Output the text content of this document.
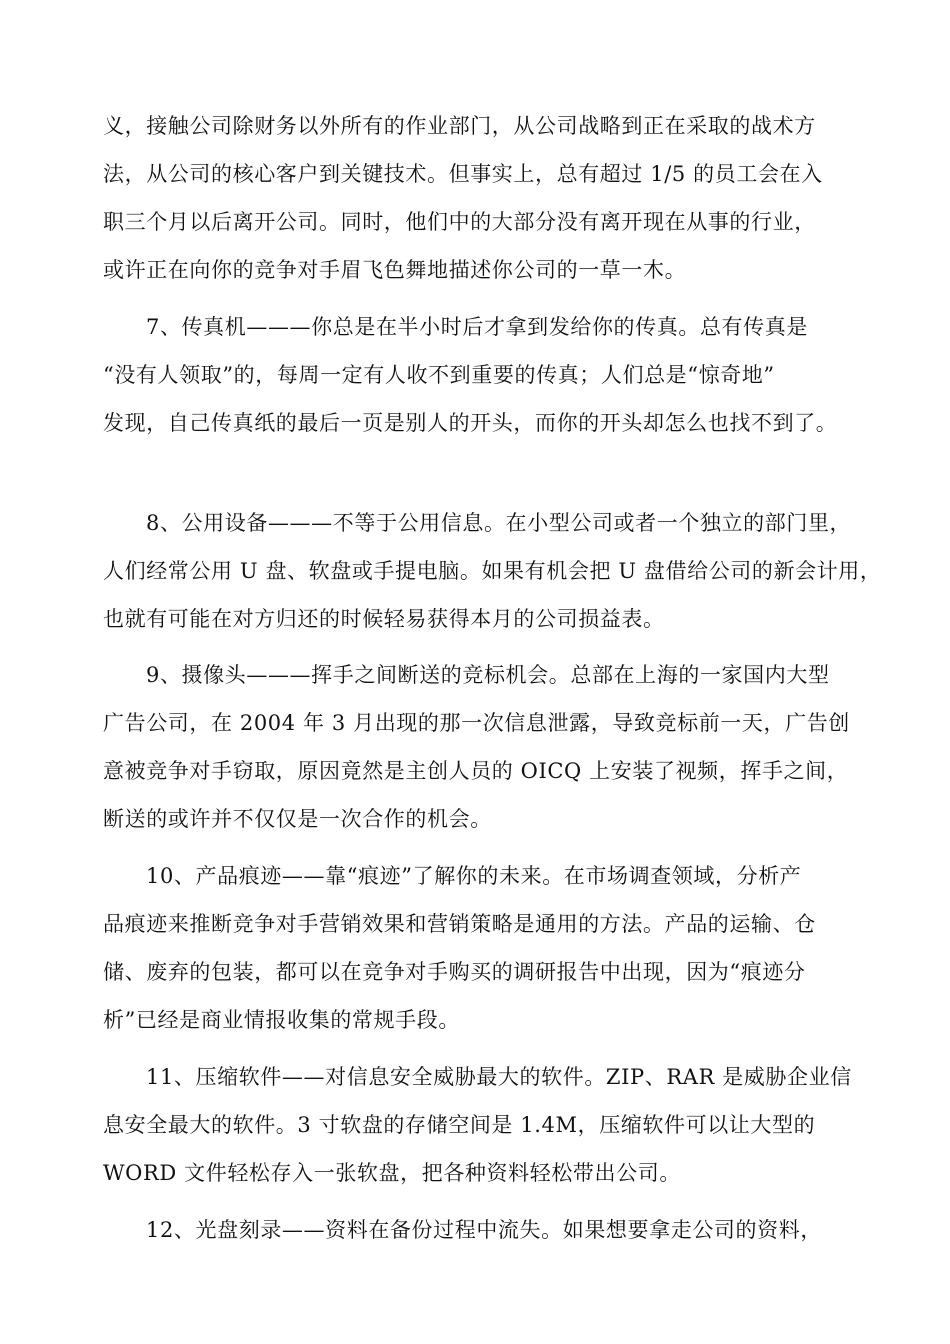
义，接触公司除财务以外所有的作业部门，从公司战略到正在采取的战术方
法，从公司的核心客户到关键技术。但事实上，总有超过 1/5 的员工会在入
职三个月以后离开公司。同时，他们中的大部分没有离开现在从事的行业，
或许正在向你的竞争对手眉飞色舞地描述你公司的一草一木。
7、传真机———你总是在半小时后才拿到发给你的传真。总有传真是
“没有人领取”的，每周一定有人收不到重要的传真；人们总是“惊奇地”
发现，自己传真纸的最后一页是别人的开头，而你的开头却怎么也找不到了。
8、公用设备———不等于公用信息。在小型公司或者一个独立的部门里，
人们经常公用 U 盘、软盘或手提电脑。如果有机会把 U 盘借给公司的新会计用，
也就有可能在对方归还的时候轻易获得本月的公司损益表。
9、摄像头———挥手之间断送的竞标机会。总部在上海的一家国内大型
广告公司，在 2004 年 3 月出现的那一次信息泄露，导致竞标前一天，广告创
意被竞争对手窃取，原因竟然是主创人员的 OICQ 上安装了视频，挥手之间，
断送的或许并不仅仅是一次合作的机会。
10、产品痕迹——靠“痕迹”了解你的未来。在市场调查领域，分析产
品痕迹来推断竞争对手营销效果和营销策略是通用的方法。产品的运输、仓
储、废弃的包装，都可以在竞争对手购买的调研报告中出现，因为“痕迹分
析”已经是商业情报收集的常规手段。
11、压缩软件——对信息安全威胁最大的软件。ZIP、RAR 是威胁企业信
息安全最大的软件。3 寸软盘的存储空间是 1.4M，压缩软件可以让大型的
WORD 文件轻松存入一张软盘，把各种资料轻松带出公司。
12、光盘刻录——资料在备份过程中流失。如果想要拿走公司的资料，
